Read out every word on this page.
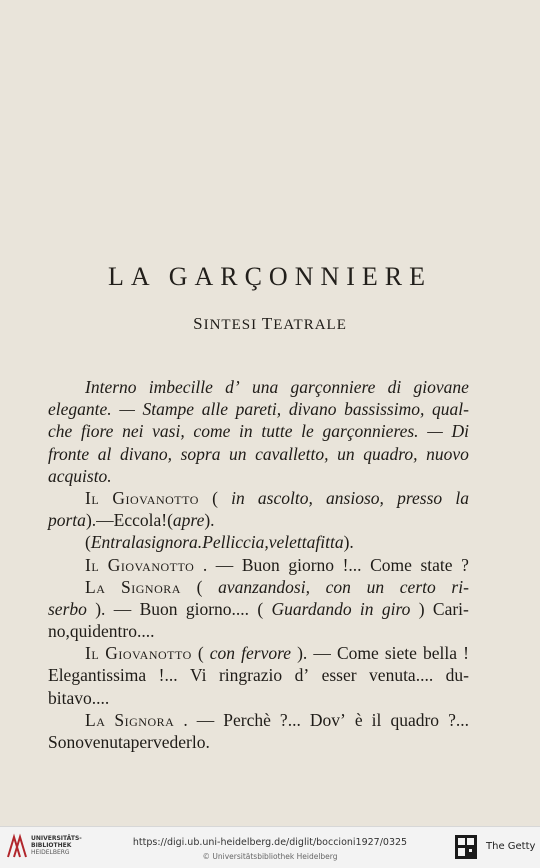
LA GARÇONNIERE
SINTESI TEATRALE
Interno imbecille d’ una garçonniere di giovane
elegante. — Stampe alle pareti, divano bassissimo, qual-
che fiore nei vasi, come in tutte le garçonnieres. — Di
fronte al divano, sopra un cavalletto, un quadro, nuovo
acquisto.
Il Giovanotto ( in ascolto, ansioso, presso la
porta ). — Eccola ! ( apre ).
( Entra la signora. Pelliccia, veletta fitta ).
Il Giovanotto . — Buon giorno !... Come state ?
La Signora ( avanzandosi, con un certo ri-
serbo ). — Buon giorno.... ( Guardando in giro ) Cari-
no, qui dentro....
Il Giovanotto ( con fervore ). — Come siete bella !
Elegantissima !... Vi ringrazio d’ esser venuta.... du-
bitavo....
La Signora . — Perchè ?... Dov’ è il quadro ?...
Sono venuta per vederlo.
UNIVERSITÄTS-
BIBLIOTHEK
HEIDELBERG
https://digi.ub.uni-heidelberg.de/diglit/boccioni1927/0325
© Universitätsbibliothek Heidelberg
The Getty
